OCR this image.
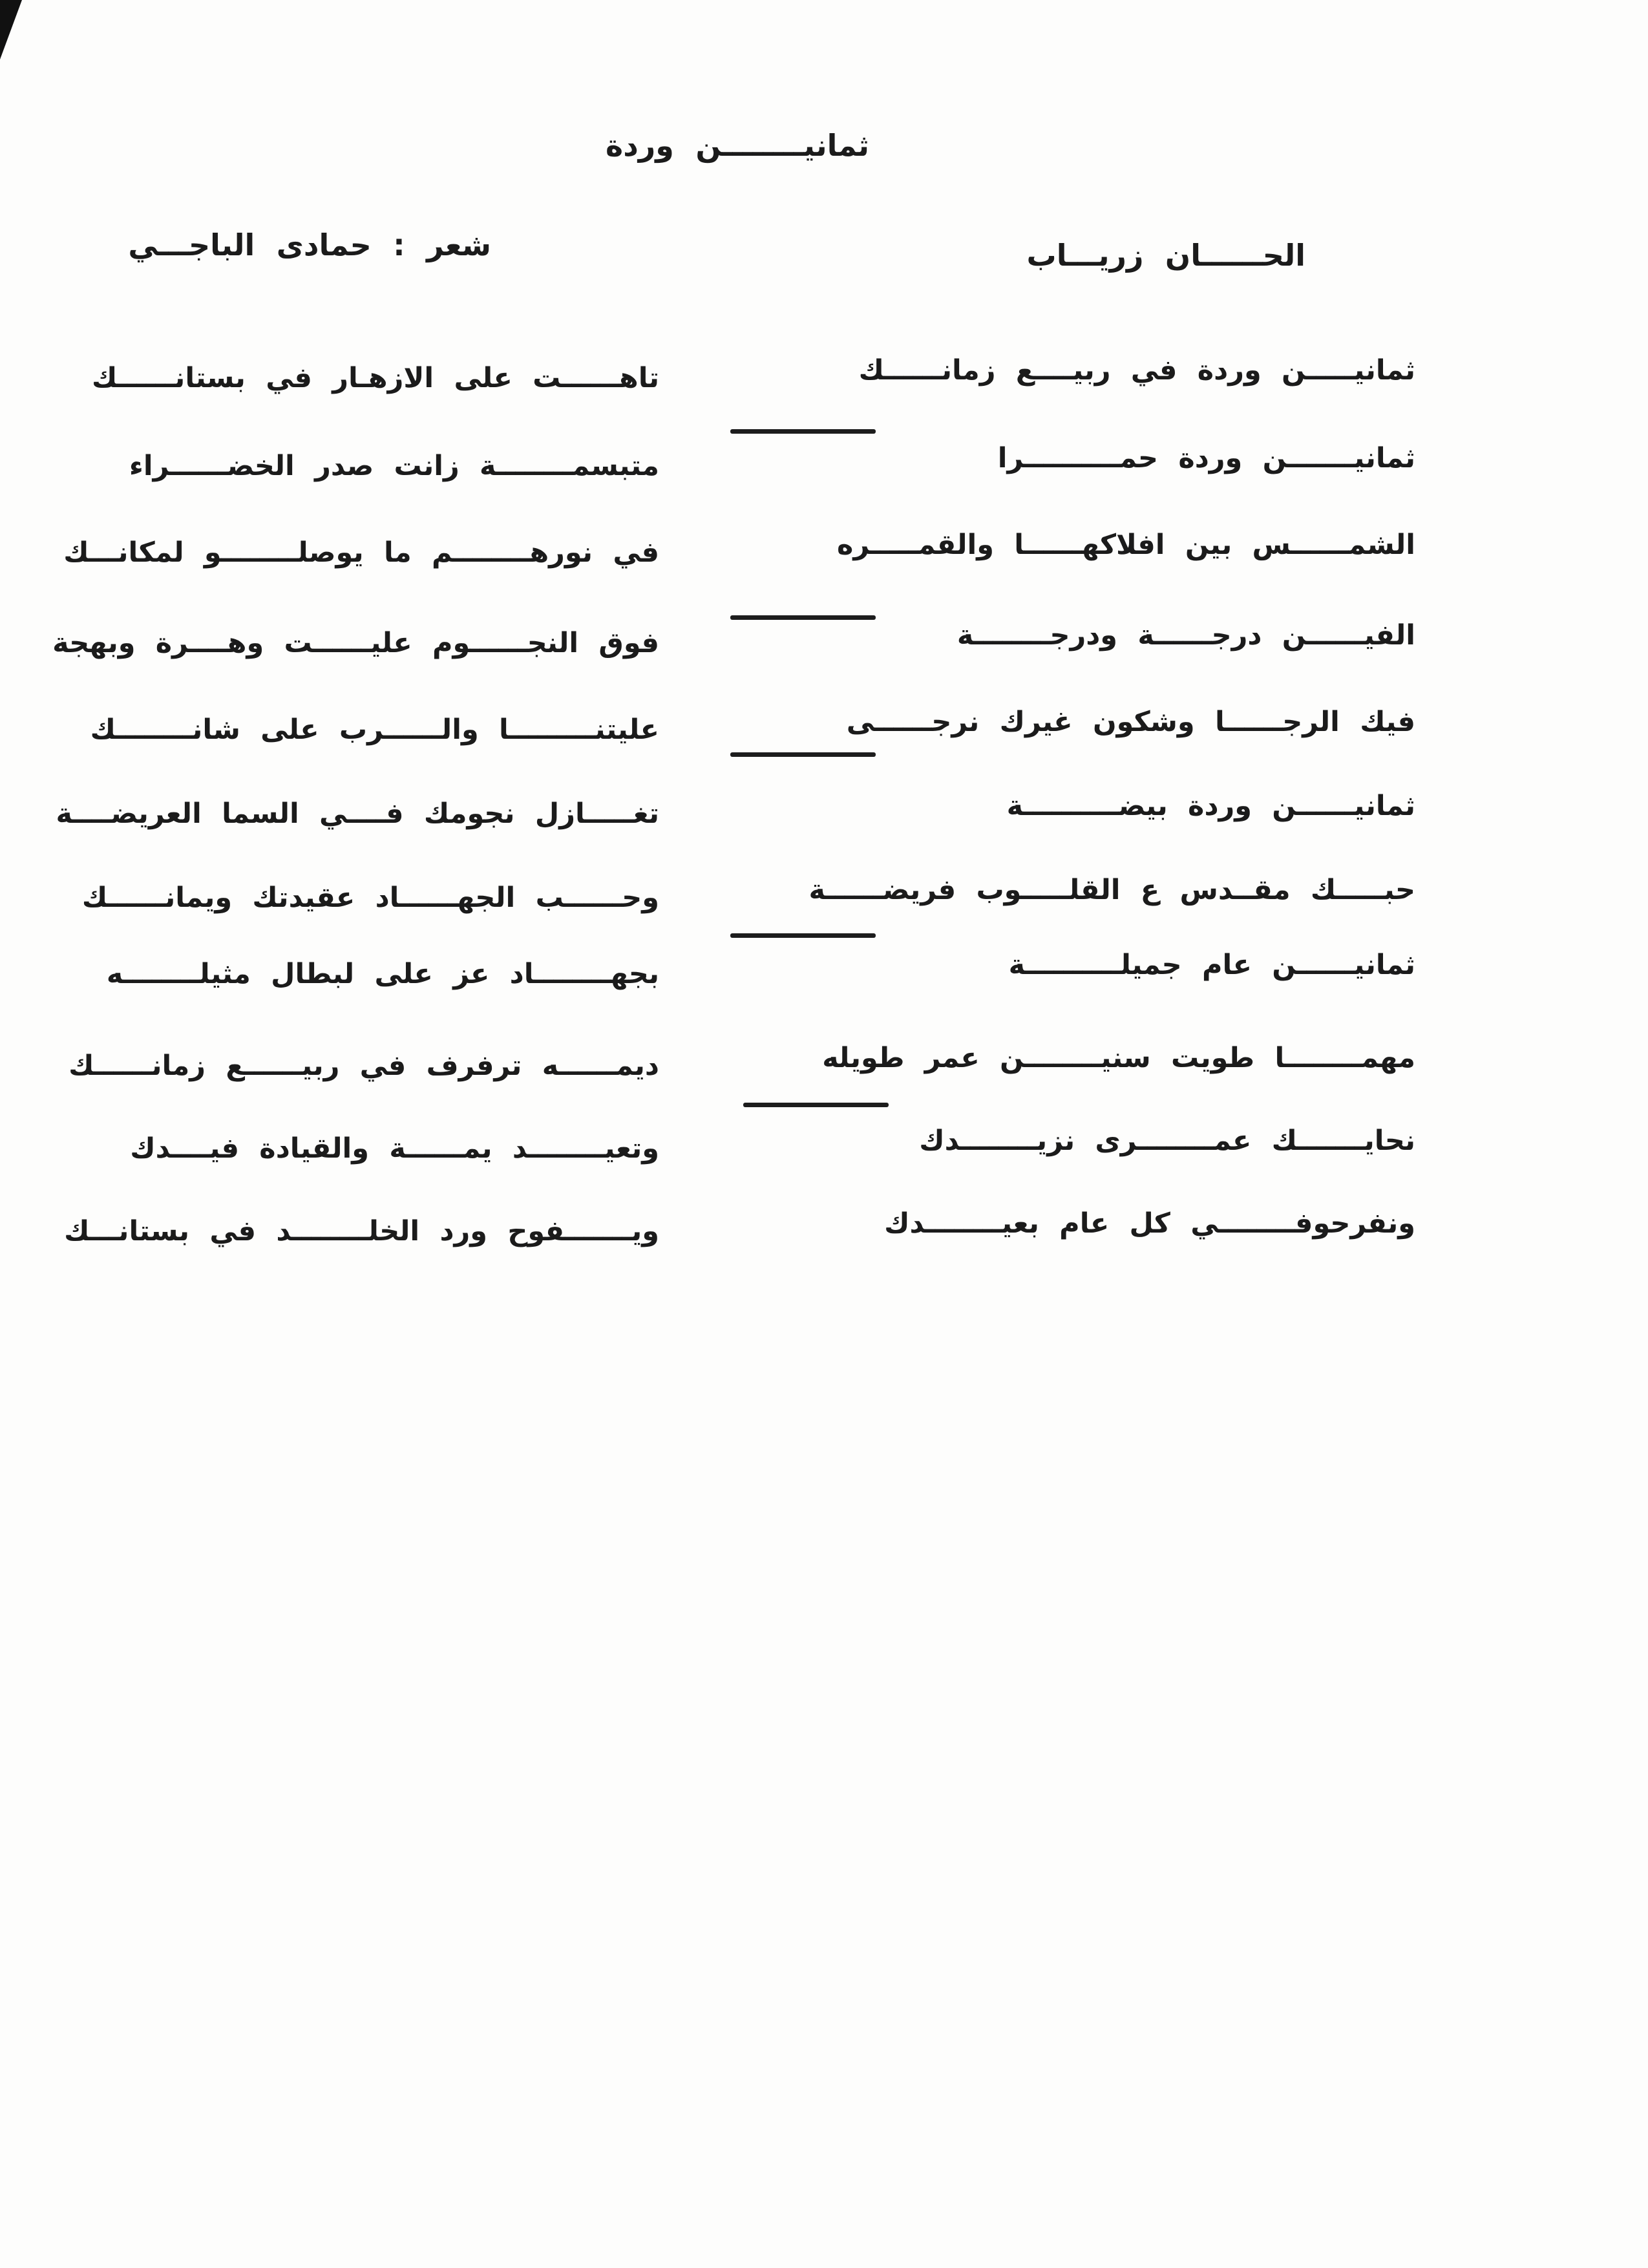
ثمانيــــــــن وردة
الحــــــان زريـــاب
شعر : حمادى الباجـــي
ثمانيـــــن وردة في ربيــــع زمانــــــك
تاهــــــت على الازهـار في بستانــــــك
ثمانيـــــــن وردة حمــــــــــرا
متبسمــــــــة زانت صدر الخضــــــراء
الشمــــــس بين افلاكهــــــا والقمـــــره
في نورهــــــــم ما يوصلــــــــو لمكانـــك
الفيــــــن درجــــــة ودرجــــــــة
فوق النجــــــوم عليــــــت وهــــرة وبهجة
فيك الرجــــــا وشكون غيرك نرجــــــى
عليتنـــــــــا والــــــرب على شانــــــــك
ثمانيــــــن وردة بيضــــــــــة
تغـــــازل نجومك فــــي السما العريضــــة
حبـــــك مقــدس ع القلـــــوب فريضــــــة
وحــــــب الجهــــــاد عقيدتك ويمانــــــك
ثمانيــــــن عام جميلــــــــــة
بجهــــــــاد عز على لبطال مثيلــــــــه
مهمــــــــا طويت سنيــــــــن عمر طويله
ديمــــــه ترفرف في ربيــــــع زمانــــــك
نحايـــــــك عمــــــــرى نزيــــــــدك
وتعيــــــــد يمــــــة والقيادة فيــــدك
ونفرحوفــــــــي كل عام بعيــــــــدك
ويـــــــفوح ورد الخلــــــــد في بستانـــك
